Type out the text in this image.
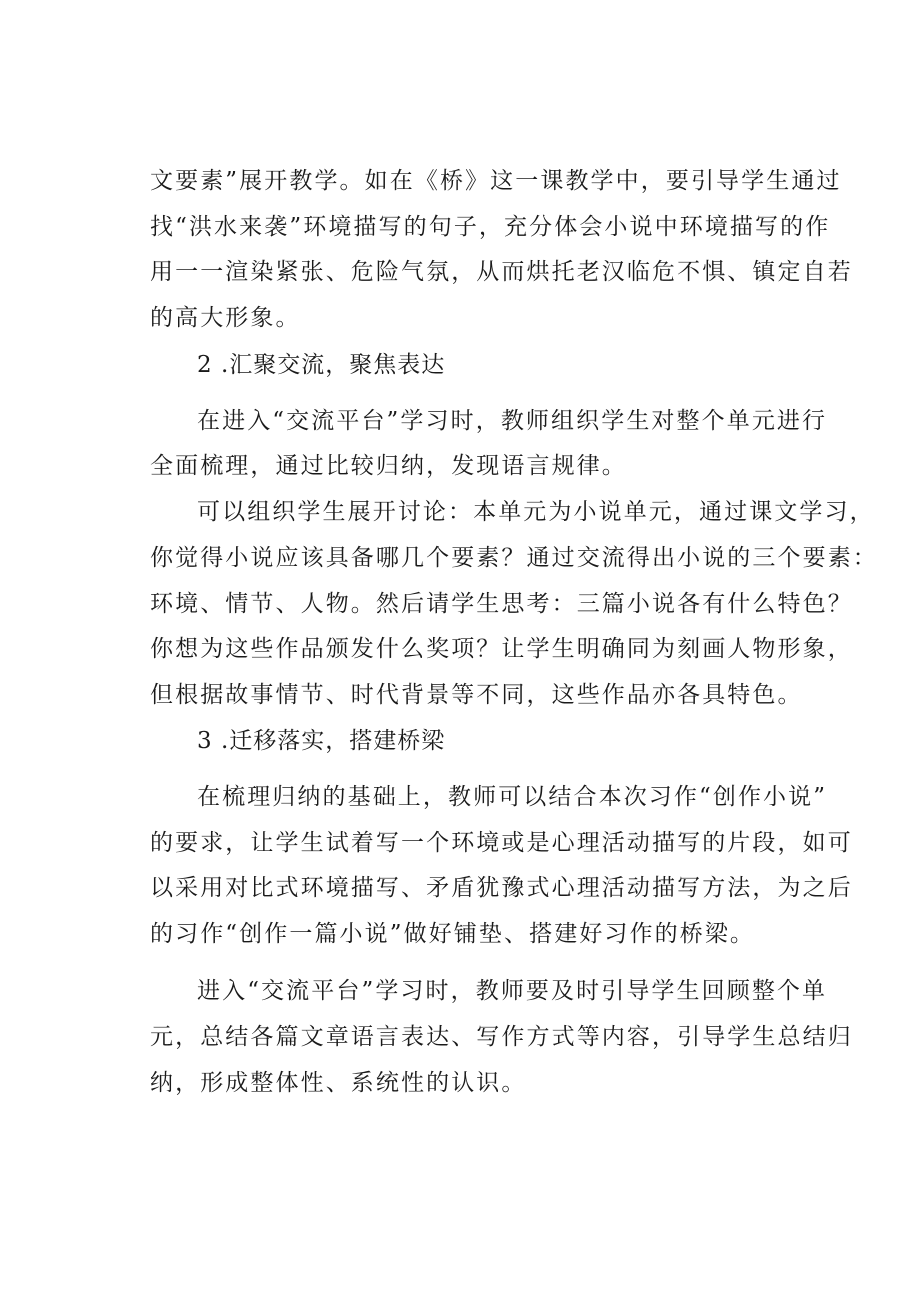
文要素”展开教学。如在《桥》这一课教学中，要引导学生通过
找“洪水来袭”环境描写的句子，充分体会小说中环境描写的作
用一一渲染紧张、危险气氛，从而烘托老汉临危不惧、镇定自若
的高大形象。
2 .汇聚交流，聚焦表达
在进入“交流平台”学习时，教师组织学生对整个单元进行
全面梳理，通过比较归纳，发现语言规律。
可以组织学生展开讨论：本单元为小说单元，通过课文学习，
你觉得小说应该具备哪几个要素？通过交流得出小说的三个要素：
环境、情节、人物。然后请学生思考：三篇小说各有什么特色？
你想为这些作品颁发什么奖项？让学生明确同为刻画人物形象，
但根据故事情节、时代背景等不同，这些作品亦各具特色。
3 .迁移落实，搭建桥梁
在梳理归纳的基础上，教师可以结合本次习作“创作小说”
的要求，让学生试着写一个环境或是心理活动描写的片段，如可
以采用对比式环境描写、矛盾犹豫式心理活动描写方法，为之后
的习作“创作一篇小说”做好铺垫、搭建好习作的桥梁。
进入“交流平台”学习时，教师要及时引导学生回顾整个单
元，总结各篇文章语言表达、写作方式等内容，引导学生总结归
纳，形成整体性、系统性的认识。
